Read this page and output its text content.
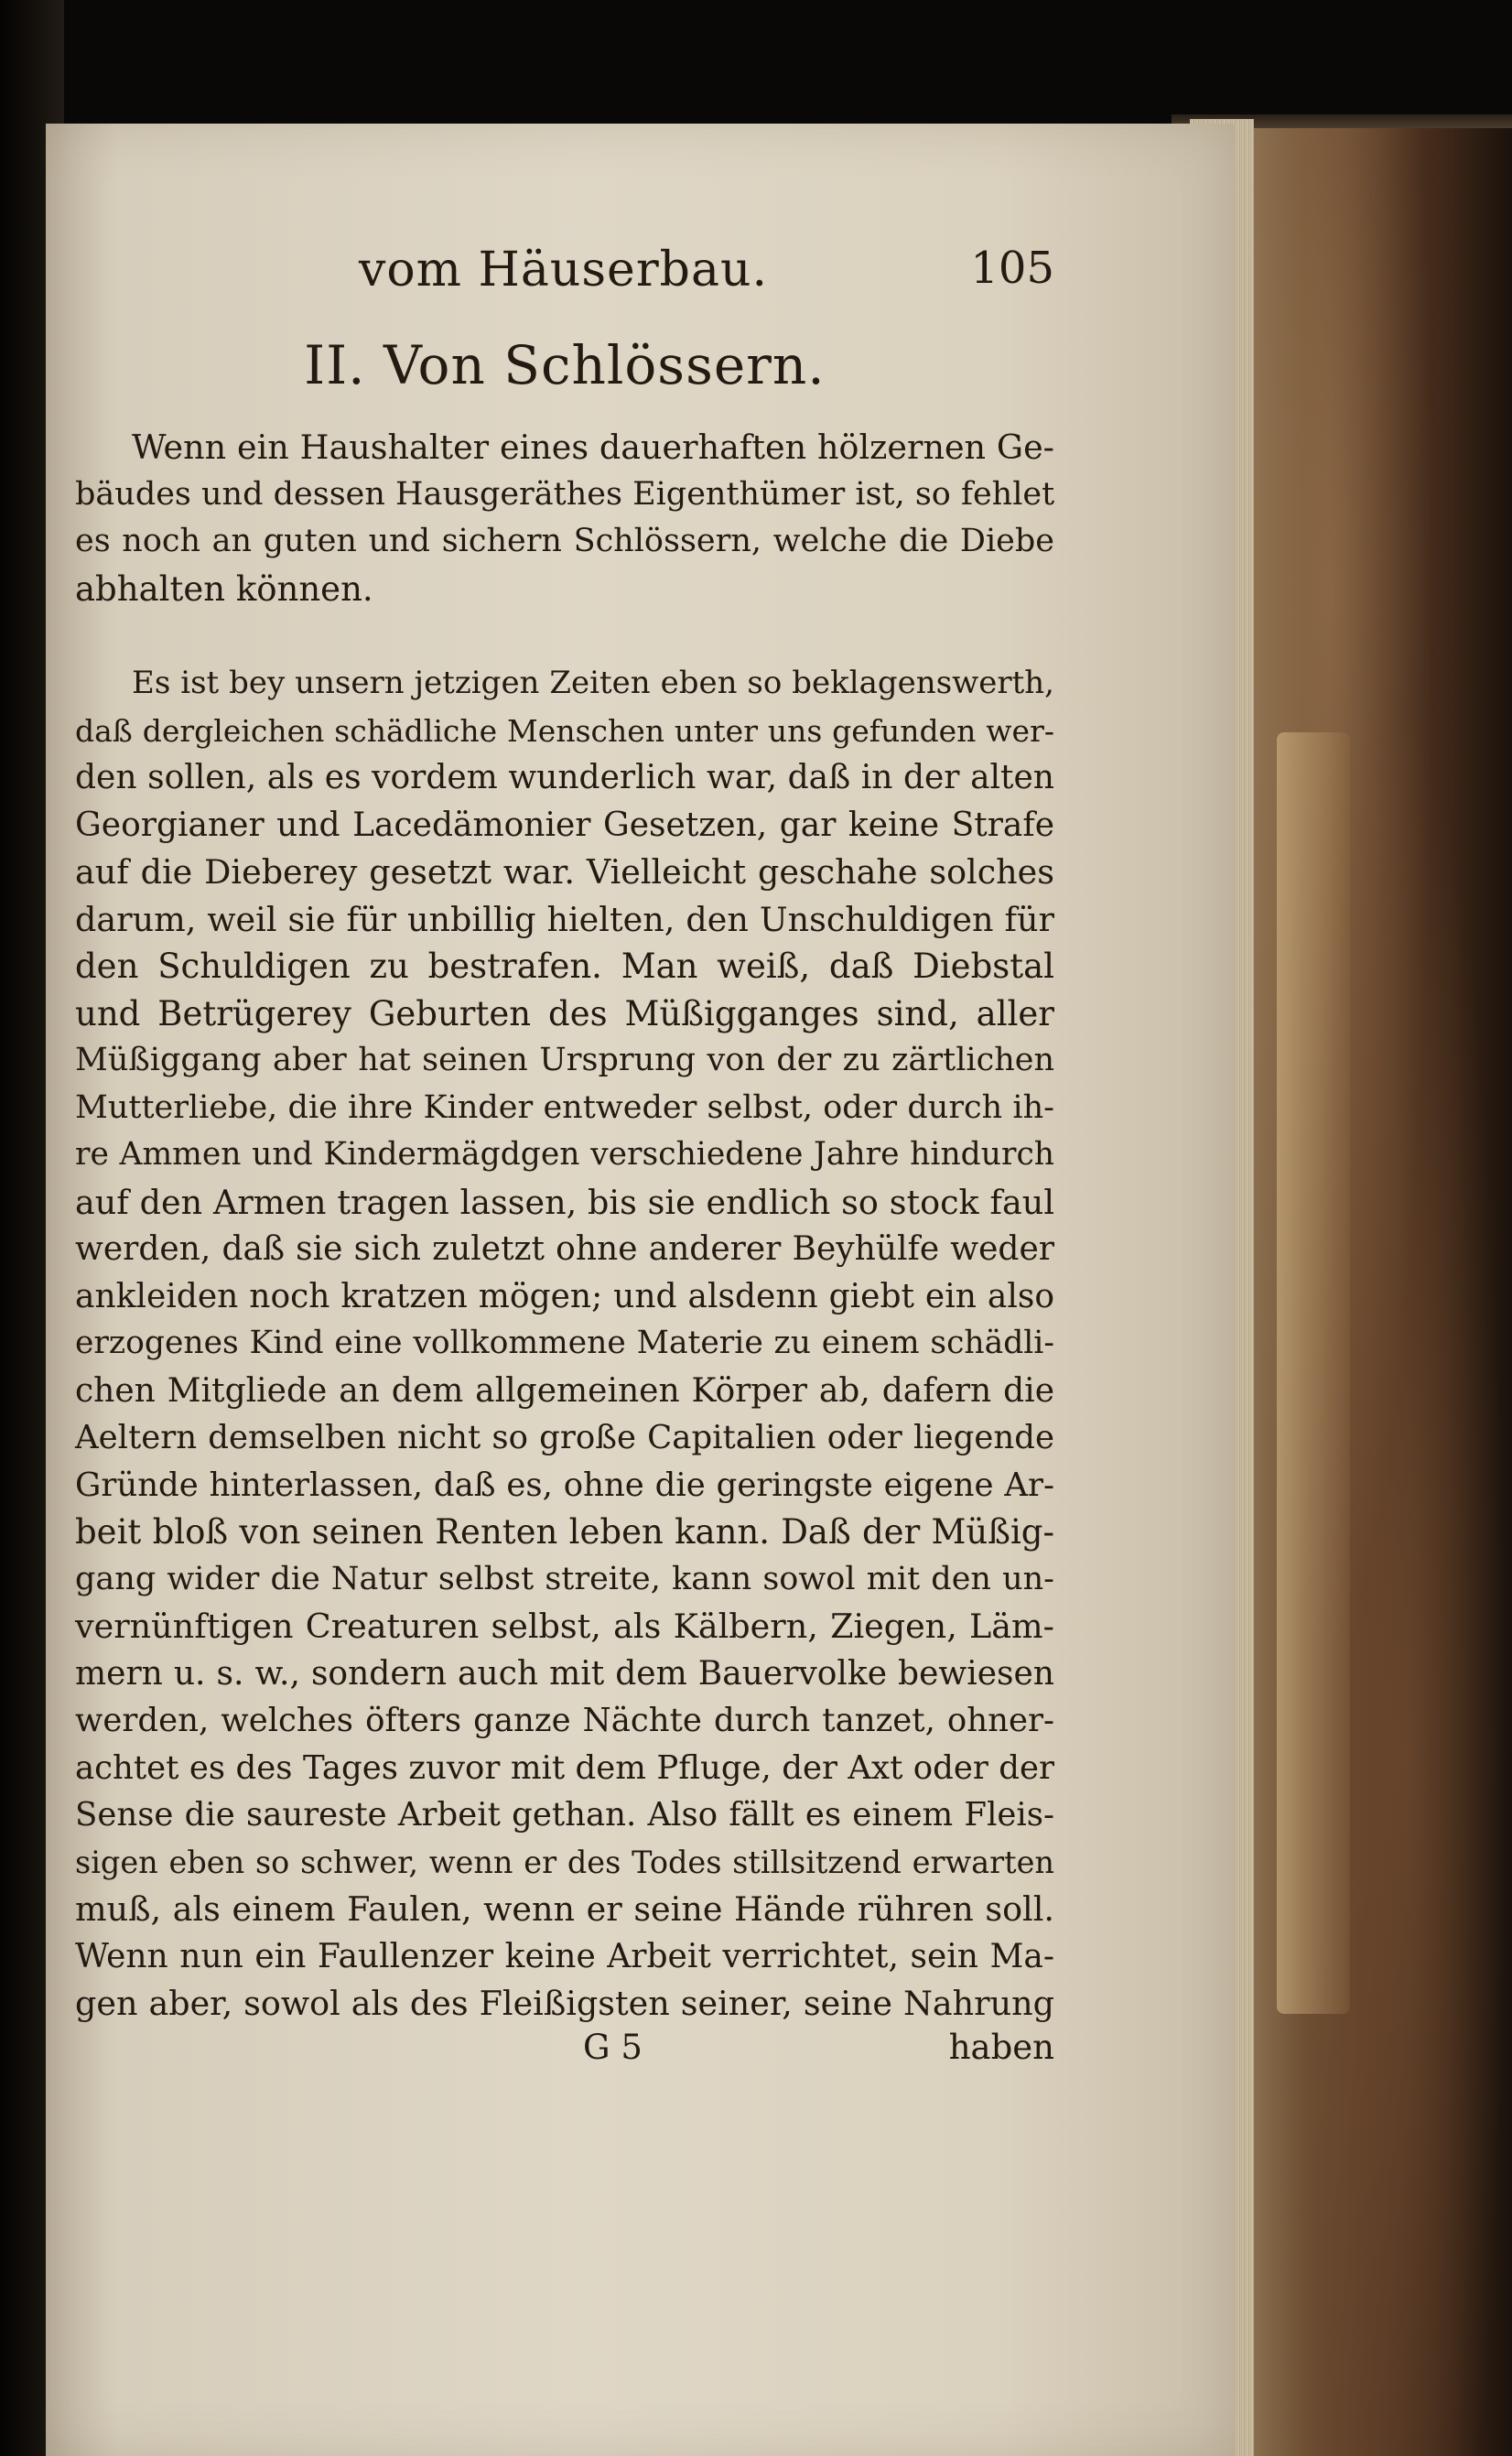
vom Häuserbau.	105
II. Von Schlössern.
Wenn ein Haushalter eines dauerhaften hölzernen Ge-
bäudes und dessen Hausgeräthes Eigenthümer ist, so fehlet
es noch an guten und sichern Schlössern, welche die Diebe
abhalten können.
Es ist bey unsern jetzigen Zeiten eben so beklagenswerth,
daß dergleichen schädliche Menschen unter uns gefunden wer-
den sollen, als es vordem wunderlich war, daß in der alten
Georgianer und Lacedämonier Gesetzen, gar keine Strafe
auf die Dieberey gesetzt war. Vielleicht geschahe solches
darum, weil sie für unbillig hielten, den Unschuldigen für
den Schuldigen zu bestrafen. Man weiß, daß Diebstal
und Betrügerey Geburten des Müßigganges sind, aller
Müßiggang aber hat seinen Ursprung von der zu zärtlichen
Mutterliebe, die ihre Kinder entweder selbst, oder durch ih-
re Ammen und Kindermägdgen verschiedene Jahre hindurch
auf den Armen tragen lassen, bis sie endlich so stock faul
werden, daß sie sich zuletzt ohne anderer Beyhülfe weder
ankleiden noch kratzen mögen; und alsdenn giebt ein also
erzogenes Kind eine vollkommene Materie zu einem schädli-
chen Mitgliede an dem allgemeinen Körper ab, dafern die
Aeltern demselben nicht so große Capitalien oder liegende
Gründe hinterlassen, daß es, ohne die geringste eigene Ar-
beit bloß von seinen Renten leben kann. Daß der Müßig-
gang wider die Natur selbst streite, kann sowol mit den un-
vernünftigen Creaturen selbst, als Kälbern, Ziegen, Läm-
mern u. s. w., sondern auch mit dem Bauervolke bewiesen
werden, welches öfters ganze Nächte durch tanzet, ohner-
achtet es des Tages zuvor mit dem Pfluge, der Axt oder der
Sense die saureste Arbeit gethan. Also fällt es einem Fleis-
sigen eben so schwer, wenn er des Todes stillsitzend erwarten
muß, als einem Faulen, wenn er seine Hände rühren soll.
Wenn nun ein Faullenzer keine Arbeit verrichtet, sein Ma-
gen aber, sowol als des Fleißigsten seiner, seine Nahrung
G 5	haben
